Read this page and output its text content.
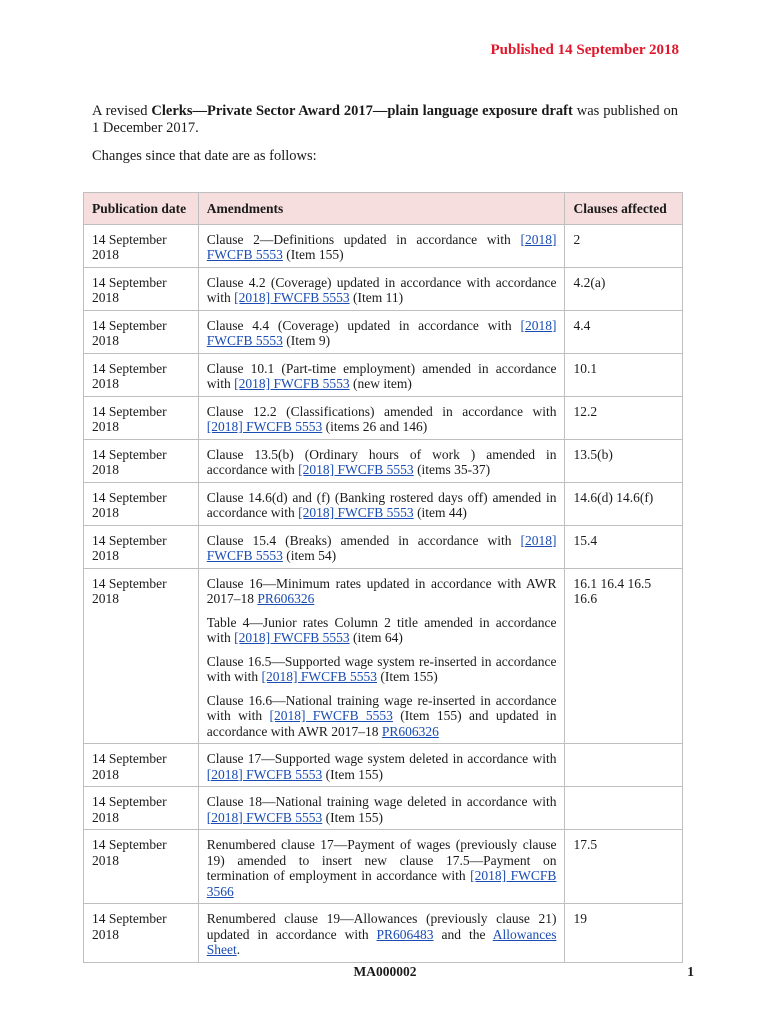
Published 14 September 2018
A revised Clerks—Private Sector Award 2017—plain language exposure draft was published on 1 December 2017.
Changes since that date are as follows:
Publication date	Amendments	Clauses affected
14 September 2018	Clause 2—Definitions updated in accordance with [2018] FWCFB 5553 (Item 155)	2
14 September 2018	Clause 4.2 (Coverage) updated in accordance with accordance with [2018] FWCFB 5553 (Item 11)	4.2(a)
14 September 2018	Clause 4.4 (Coverage) updated in accordance with [2018] FWCFB 5553 (Item 9)	4.4
14 September 2018	Clause 10.1 (Part-time employment) amended in accordance with [2018] FWCFB 5553 (new item)	10.1
14 September 2018	Clause 12.2 (Classifications) amended in accordance with [2018] FWCFB 5553 (items 26 and 146)	12.2
14 September 2018	Clause 13.5(b) (Ordinary hours of work ) amended in accordance with [2018] FWCFB 5553 (items 35-37)	13.5(b)
14 September 2018	Clause 14.6(d) and (f) (Banking rostered days off) amended in accordance with [2018] FWCFB 5553 (item 44)	14.6(d) 14.6(f)
14 September 2018	Clause 15.4 (Breaks) amended in accordance with [2018] FWCFB 5553 (item 54)	15.4
14 September 2018	Clause 16—Minimum rates updated in accordance with AWR 2017–18 PR606326
Table 4—Junior rates Column 2 title amended in accordance with [2018] FWCFB 5553 (item 64)
Clause 16.5—Supported wage system re-inserted in accordance with with [2018] FWCFB 5553 (Item 155)
Clause 16.6—National training wage re-inserted in accordance with with [2018] FWCFB 5553 (Item 155) and updated in accordance with AWR 2017–18 PR606326	16.1 16.4 16.5 16.6
14 September 2018	Clause 17—Supported wage system deleted in accordance with [2018] FWCFB 5553 (Item 155)	

14 September 2018	Clause 18—National training wage deleted in accordance with [2018] FWCFB 5553 (Item 155)	

14 September 2018	Renumbered clause 17—Payment of wages (previously clause 19) amended to insert new clause 17.5—Payment on termination of employment in accordance with [2018] FWCFB 3566	17.5
14 September 2018	Renumbered clause 19—Allowances (previously clause 21) updated in accordance with PR606483 and the Allowances Sheet.	19
MA000002	1
